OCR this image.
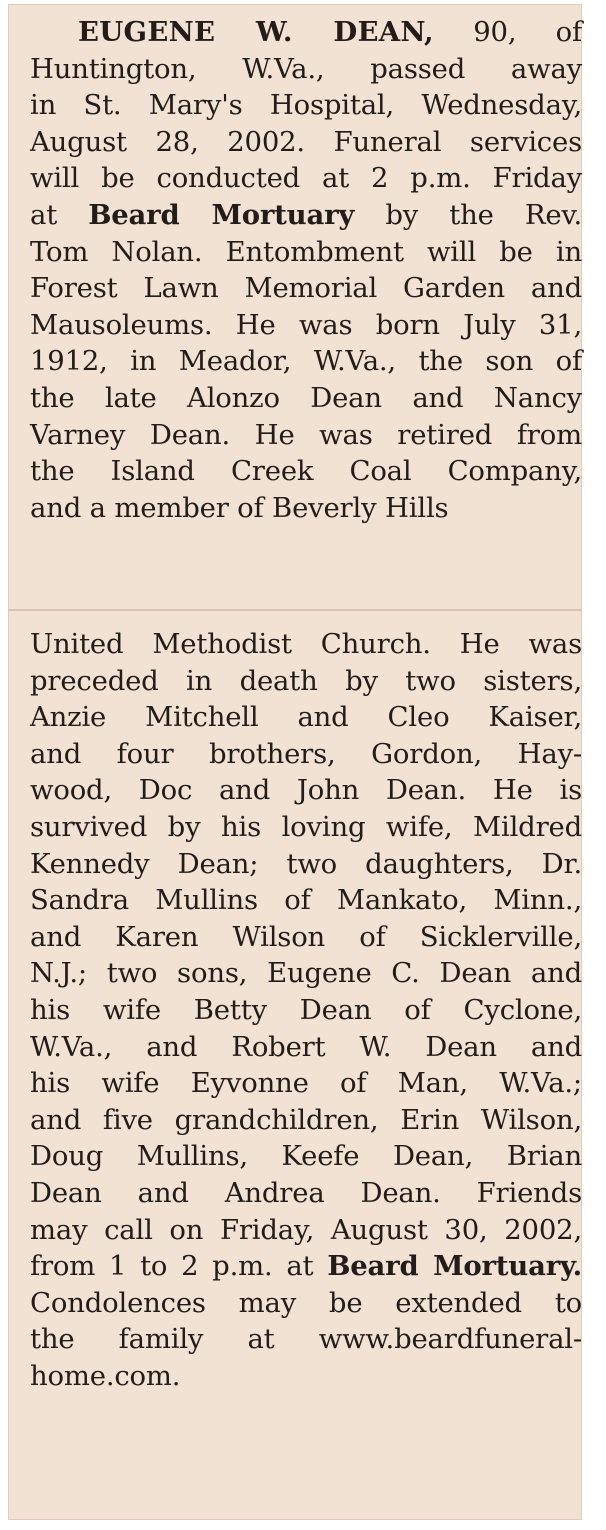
EUGENE W. DEAN, 90, of
Huntington, W.Va., passed away
in St. Mary's Hospital, Wednesday,
August 28, 2002. Funeral services
will be conducted at 2 p.m. Friday
at Beard Mortuary by the Rev.
Tom Nolan. Entombment will be in
Forest Lawn Memorial Garden and
Mausoleums. He was born July 31,
1912, in Meador, W.Va., the son of
the late Alonzo Dean and Nancy
Varney Dean. He was retired from
the Island Creek Coal Company,
and a member of Beverly Hills
United Methodist Church. He was
preceded in death by two sisters,
Anzie Mitchell and Cleo Kaiser,
and four brothers, Gordon, Hay-
wood, Doc and John Dean. He is
survived by his loving wife, Mildred
Kennedy Dean; two daughters, Dr.
Sandra Mullins of Mankato, Minn.,
and Karen Wilson of Sicklerville,
N.J.; two sons, Eugene C. Dean and
his wife Betty Dean of Cyclone,
W.Va., and Robert W. Dean and
his wife Eyvonne of Man, W.Va.;
and five grandchildren, Erin Wilson,
Doug Mullins, Keefe Dean, Brian
Dean and Andrea Dean. Friends
may call on Friday, August 30, 2002,
from 1 to 2 p.m. at Beard Mortuary.
Condolences may be extended to
the family at www.beardfuneral-
home.com.
